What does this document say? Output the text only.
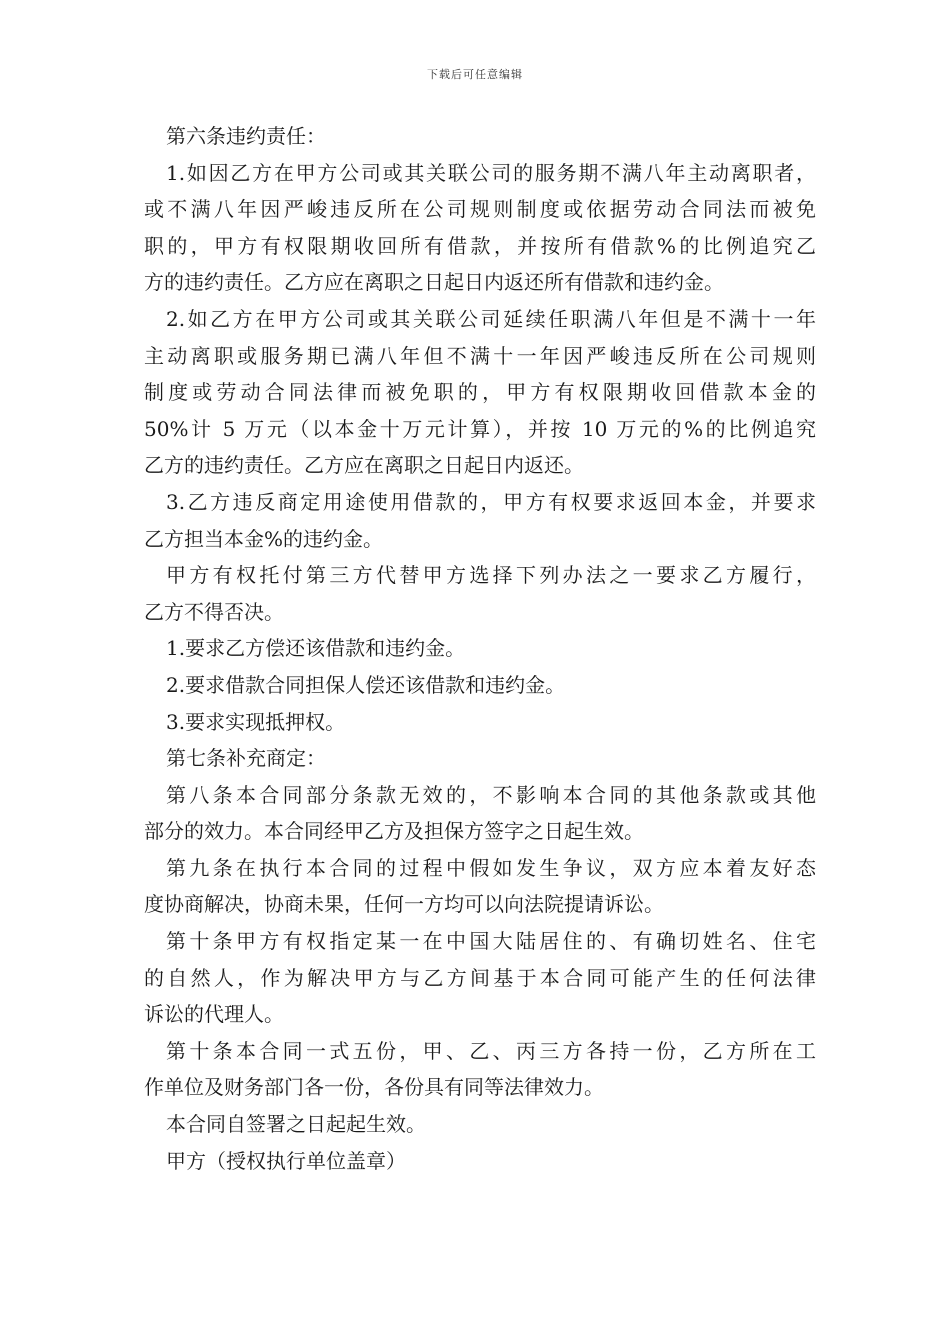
下载后可任意编辑
第六条违约责任：
1.如因乙方在甲方公司或其关联公司的服务期不满八年主动离职者，
或不满八年因严峻违反所在公司规则制度或依据劳动合同法而被免
职的，甲方有权限期收回所有借款，并按所有借款%的比例追究乙
方的违约责任。乙方应在离职之日起日内返还所有借款和违约金。
2.如乙方在甲方公司或其关联公司延续任职满八年但是不满十一年
主动离职或服务期已满八年但不满十一年因严峻违反所在公司规则
制度或劳动合同法律而被免职的，甲方有权限期收回借款本金的
50%计 5 万元（以本金十万元计算），并按 10 万元的%的比例追究
乙方的违约责任。乙方应在离职之日起日内返还。
3.乙方违反商定用途使用借款的，甲方有权要求返回本金，并要求
乙方担当本金%的违约金。
甲方有权托付第三方代替甲方选择下列办法之一要求乙方履行，
乙方不得否决。
1.要求乙方偿还该借款和违约金。
2.要求借款合同担保人偿还该借款和违约金。
3.要求实现抵押权。
第七条补充商定：
第八条本合同部分条款无效的，不影响本合同的其他条款或其他
部分的效力。本合同经甲乙方及担保方签字之日起生效。
第九条在执行本合同的过程中假如发生争议，双方应本着友好态
度协商解决，协商未果，任何一方均可以向法院提请诉讼。
第十条甲方有权指定某一在中国大陆居住的、有确切姓名、住宅
的自然人，作为解决甲方与乙方间基于本合同可能产生的任何法律
诉讼的代理人。
第十条本合同一式五份，甲、乙、丙三方各持一份，乙方所在工
作单位及财务部门各一份，各份具有同等法律效力。
本合同自签署之日起起生效。
甲方（授权执行单位盖章）
